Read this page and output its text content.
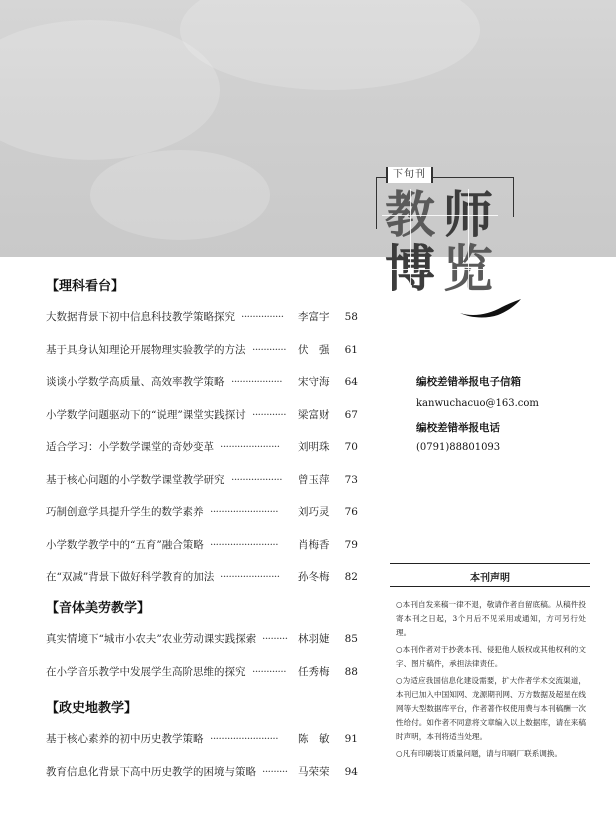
下旬刊
【理科看台】
大数据背景下初中信息科技教学策略探究 ···············	李富宇	58
基于具身认知理论开展物理实验教学的方法 ············	伏　强	61
谈谈小学数学高质量、高效率教学策略 ··················	宋守海	64
小学数学问题驱动下的“说理”课堂实践探讨 ············	梁富财	67
适合学习：小学数学课堂的奇妙变革 ·····················	刘明珠	70
基于核心问题的小学数学课堂教学研究 ··················	曾玉萍	73
巧制创意学具提升学生的数学素养 ························	刘巧灵	76
小学数学教学中的“五育”融合策略 ························	肖梅香	79
在“双减”背景下做好科学教育的加法 ·····················	孙冬梅	82
【音体美劳教学】
真实情境下“城市小农夫”农业劳动课实践探索 ········· 林羽婕	85
在小学音乐教学中发展学生高阶思维的探究 ············	任秀梅	88
【政史地教学】
基于核心素养的初中历史教学策略 ························	陈　敏	91
教育信息化背景下高中历史教学的困境与策略 ········· 马荣荣	94
编校差错举报电子信箱
kanwuchacuo@163.com
编校差错举报电话
(0791)88801093
本刊声明

○本刊自发来稿一律不退，敬请作者自留底稿。从稿件投寄本刊之日起，3个月后不见采用或通知，方可另行处理。

○本刊作者对于抄袭本刊、侵犯他人版权或其他权利的文字、图片稿件，承担法律责任。

○为适应我国信息化建设需要，扩大作者学术交流渠道，本刊已加入中国知网、龙源期刊网、万方数据及超星在线网等大型数据库平台，作者著作权使用费与本刊稿酬一次性给付。如作者不同意将文章编入以上数据库，请在来稿时声明，本刊将适当处理。

○凡有印刷装订质量问题，请与印刷厂联系调换。
